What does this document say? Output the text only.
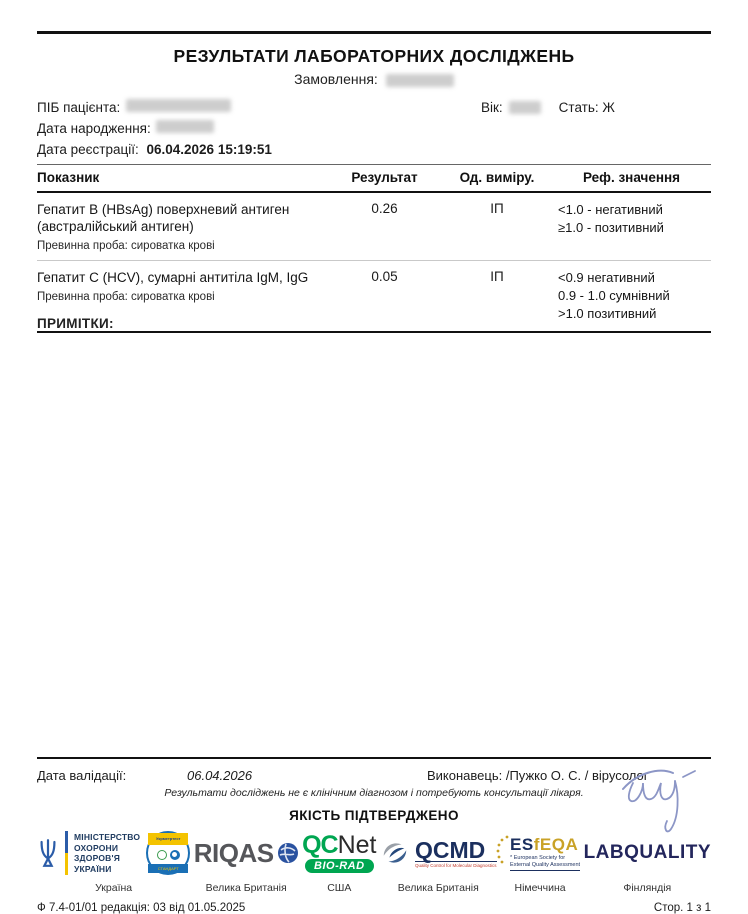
РЕЗУЛЬТАТИ ЛАБОРАТОРНИХ ДОСЛІДЖЕНЬ
Замовлення:
ПІБ пацієнта:	Вік:	Стать: Ж
Дата народження:
Дата реєстрації: 06.04.2026 15:19:51
Показник	Результат	Од. виміру.	Реф. значення
Гепатит B (HBsAg) поверхневий антиген (австралійський антиген)
Превинна проба: сироватка крові
0.26	ІП	<1.0 - негативний
≥1.0 - позитивний
Гепатит C (HCV), сумарні антитіла IgM, IgG
Превинна проба: сироватка крові
0.05	ІП	<0.9 негативний
0.9 - 1.0 сумнівний
>1.0 позитивний
ПРИМІТКИ:
Дата валідації:	06.04.2026	Виконавець: /Пужко О. С. / вірусолог
Результати досліджень не є клінічним діагнозом і потребують консультації лікаря.
ЯКІСТЬ ПІДТВЕРДЖЕНО
МІНІСТЕРСТВО
ОХОРОНИ
ЗДОРОВ'Я
УКРАЇНИ
Укрметртест
СТАНДАРТ
Україна
RIQAS
Велика Британія
QCNet
BIO-RAD
США
QCMD
Quality Control for Molecular Diagnostics
Велика Британія
ESfEQA
* European Society for
External Quality Assessment
Німеччина
LABQUALITY
Фінляндія
Ф 7.4-01/01 редакція: 03 від 01.05.2025	Стор. 1 з 1
